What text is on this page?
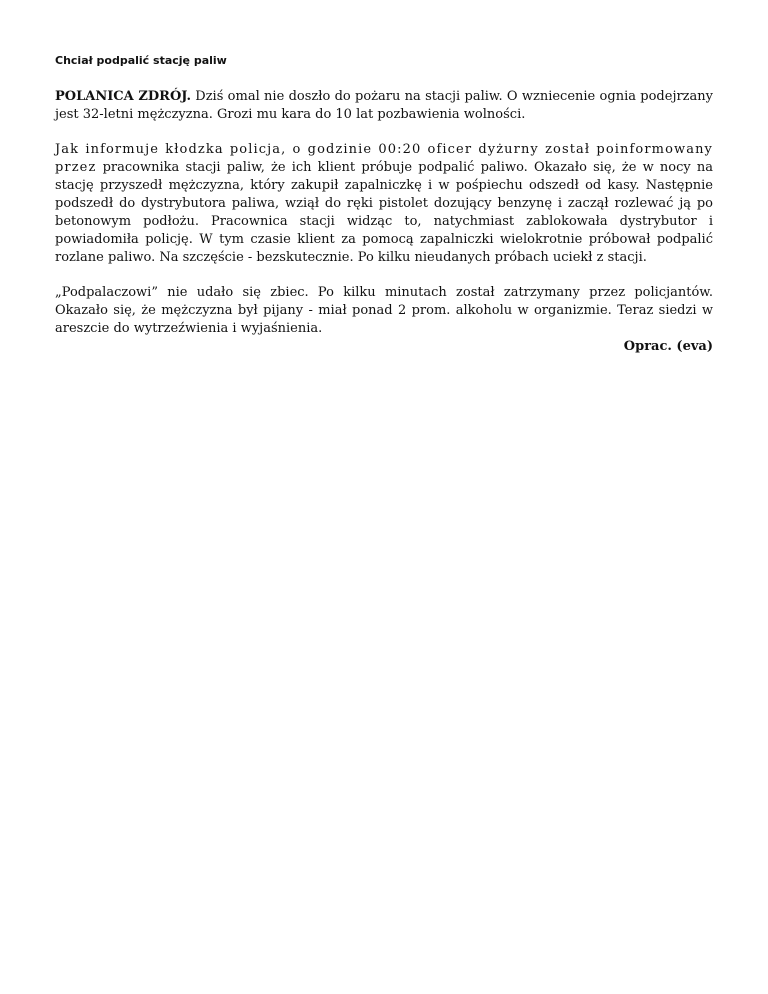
Chciał podpalić stację paliw

POLANICA ZDRÓJ. Dziś omal nie doszło do pożaru na stacji paliw. O wzniecenie ognia podejrzany jest 32-letni mężczyzna. Grozi mu kara do 10 lat pozbawienia wolności.

Jak informuje kłodzka policja, o godzinie 00:20 oficer dyżurny został poinformowany przez pracownika stacji paliw, że ich klient próbuje podpalić paliwo. Okazało się, że w nocy na stację przyszedł mężczyzna, który zakupił zapalniczkę i w pośpiechu odszedł od kasy. Następnie podszedł do dystrybutora paliwa, wziął do ręki pistolet dozujący benzynę i zaczął rozlewać ją po betonowym podłożu. Pracownica stacji widząc to, natychmiast zablokowała dystrybutor i powiadomiła policję. W tym czasie klient za pomocą zapalniczki wielokrotnie próbował podpalić rozlane paliwo. Na szczęście - bezskutecznie. Po kilku nieudanych próbach uciekł z stacji.

„Podpalaczowi” nie udało się zbiec. Po kilku minutach został zatrzymany przez policjantów. Okazało się, że mężczyzna był pijany - miał ponad 2 prom. alkoholu w organizmie. Teraz siedzi w areszcie do wytrzeźwienia i wyjaśnienia.

Oprac. (eva)
